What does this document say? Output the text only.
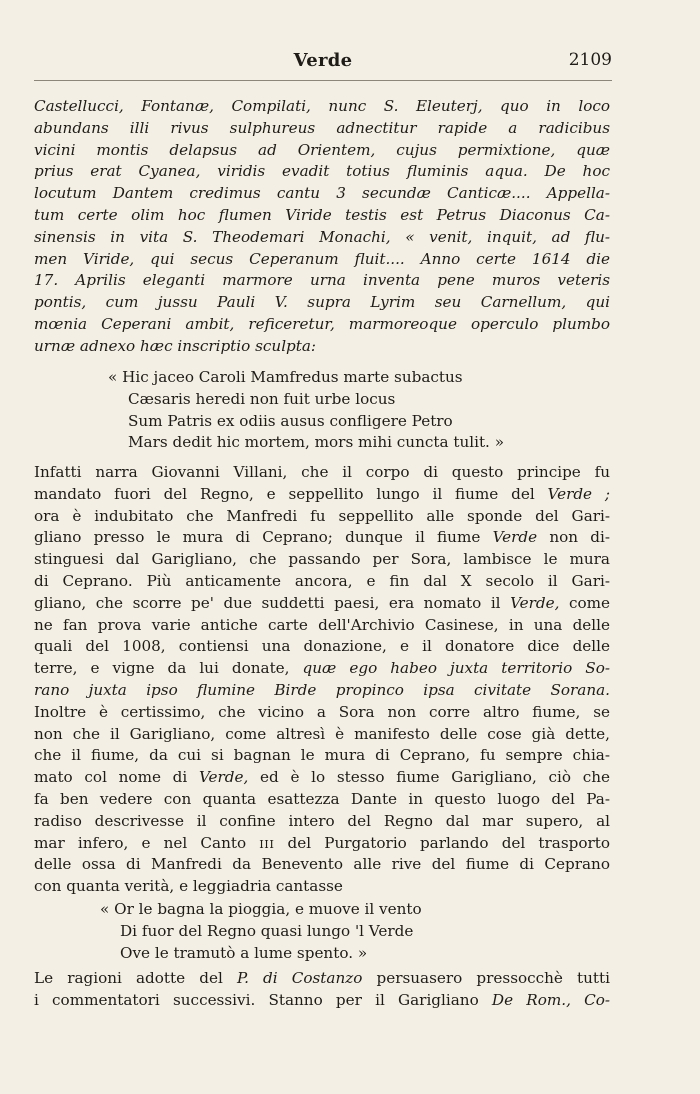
Verde	2109
Castellucci, Fontanæ, Compilati, nunc S. Eleuterj, quo in loco
abundans illi rivus sulphureus adnectitur rapide a radicibus
vicini montis delapsus ad Orientem, cujus permixtione, quæ
prius erat Cyanea, viridis evadit totius fluminis aqua. De hoc
locutum Dantem credimus cantu 3 secundæ Canticæ.... Appella-
tum certe olim hoc flumen Viride testis est Petrus Diaconus Ca-
sinensis in vita S. Theodemari Monachi, « venit, inquit, ad flu-
men Viride, qui secus Ceperanum fluit.... Anno certe 1614 die
17. Aprilis eleganti marmore urna inventa pene muros veteris
pontis, cum jussu Pauli V. supra Lyrim seu Carnellum, qui
mœnia Ceperani ambit, reficeretur, marmoreoque operculo plumbo
urnæ adnexo hæc inscriptio sculpta:
« Hic jaceo Caroli Mamfredus marte subactus
Cæsaris heredi non fuit urbe locus
Sum Patris ex odiis ausus confligere Petro
Mars dedit hic mortem, mors mihi cuncta tulit. »
Infatti narra Giovanni Villani, che il corpo di questo principe fu
mandato fuori del Regno, e seppellito lungo il fiume del Verde ;
ora è indubitato che Manfredi fu seppellito alle sponde del Gari-
gliano presso le mura di Ceprano; dunque il fiume Verde non di-
stinguesi dal Garigliano, che passando per Sora, lambisce le mura
di Ceprano. Più anticamente ancora, e fin dal X secolo il Gari-
gliano, che scorre pe' due suddetti paesi, era nomato il Verde, come
ne fan prova varie antiche carte dell'Archivio Casinese, in una delle
quali del 1008, contiensi una donazione, e il donatore dice delle
terre, e vigne da lui donate, quæ ego habeo juxta territorio So-
rano juxta ipso flumine Birde propinco ipsa civitate Sorana.
Inoltre è certissimo, che vicino a Sora non corre altro fiume, se
non che il Garigliano, come altresì è manifesto delle cose già dette,
che il fiume, da cui si bagnan le mura di Ceprano, fu sempre chia-
mato col nome di Verde, ed è lo stesso fiume Garigliano, ciò che
fa ben vedere con quanta esattezza Dante in questo luogo del Pa-
radiso descrivesse il confine intero del Regno dal mar supero, al
mar infero, e nel Canto III del Purgatorio parlando del trasporto
delle ossa di Manfredi da Benevento alle rive del fiume di Ceprano
con quanta verità, e leggiadria cantasse
« Or le bagna la pioggia, e muove il vento
Di fuor del Regno quasi lungo 'l Verde
Ove le tramutò a lume spento. »
Le ragioni adotte del P. di Costanzo persuasero pressocchè tutti
i commentatori successivi. Stanno per il Garigliano De Rom., Co-
